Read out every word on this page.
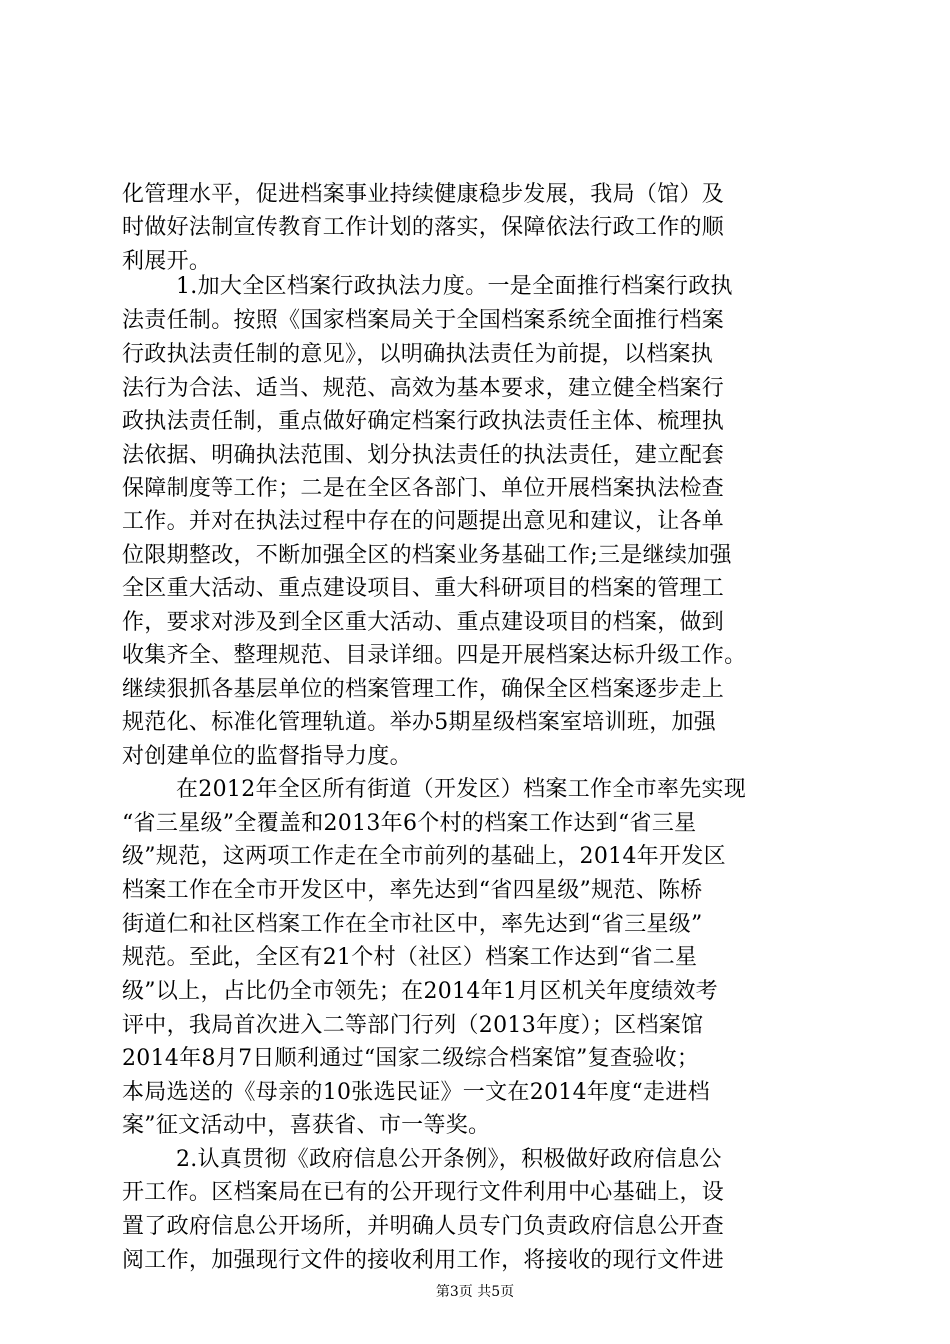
化管理水平，促进档案事业持续健康稳步发展，我局（馆）及
时做好法制宣传教育工作计划的落实，保障依法行政工作的顺
利展开。
1.加大全区档案行政执法力度。一是全面推行档案行政执
法责任制。按照《国家档案局关于全国档案系统全面推行档案
行政执法责任制的意见》，以明确执法责任为前提，以档案执
法行为合法、适当、规范、高效为基本要求，建立健全档案行
政执法责任制，重点做好确定档案行政执法责任主体、梳理执
法依据、明确执法范围、划分执法责任的执法责任，建立配套
保障制度等工作；二是在全区各部门、单位开展档案执法检查
工作。并对在执法过程中存在的问题提出意见和建议，让各单
位限期整改，不断加强全区的档案业务基础工作;三是继续加强
全区重大活动、重点建设项目、重大科研项目的档案的管理工
作，要求对涉及到全区重大活动、重点建设项目的档案，做到
收集齐全、整理规范、目录详细。四是开展档案达标升级工作。
继续狠抓各基层单位的档案管理工作，确保全区档案逐步走上
规范化、标准化管理轨道。举办5期星级档案室培训班，加强
对创建单位的监督指导力度。
在2012年全区所有街道（开发区）档案工作全市率先实现
“省三星级”全覆盖和2013年6个村的档案工作达到“省三星
级”规范，这两项工作走在全市前列的基础上，2014年开发区
档案工作在全市开发区中，率先达到“省四星级”规范、陈桥
街道仁和社区档案工作在全市社区中，率先达到“省三星级”
规范。至此，全区有21个村（社区）档案工作达到“省二星
级”以上，占比仍全市领先；在2014年1月区机关年度绩效考
评中，我局首次进入二等部门行列（2013年度）；区档案馆
2014年8月7日顺利通过“国家二级综合档案馆”复查验收；
本局选送的《母亲的10张选民证》一文在2014年度“走进档
案”征文活动中，喜获省、市一等奖。
2.认真贯彻《政府信息公开条例》，积极做好政府信息公
开工作。区档案局在已有的公开现行文件利用中心基础上，设
置了政府信息公开场所，并明确人员专门负责政府信息公开查
阅工作，加强现行文件的接收利用工作，将接收的现行文件进
第3页 共5页
